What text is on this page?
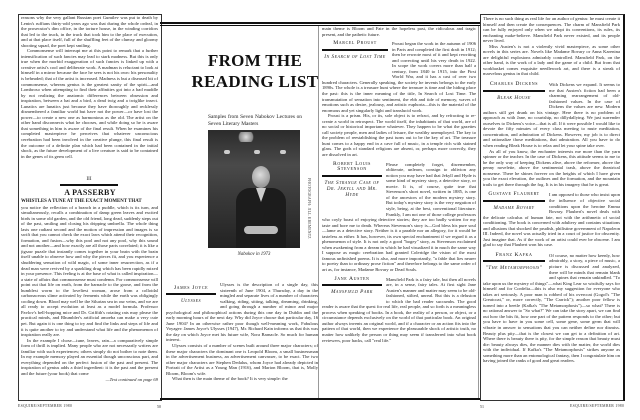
reasons why the very gallant Russian poet Gumilev was put to death by Lenin's ruffians thirty-odd years ago was that during the whole ordeal, in the prosecutor's dim office, in the torture house, in the winding corridors that led to the truck, in the truck that took him to the place of execution, and at that place itself, full of the shuffling feet of the clumsy and gloomy shooting squad, the poet kept smiling.

Commonsense will interrupt me at this point to remark that a further intensification of such fancies may lead to stark madness. But this is only true when the morbid exaggeration of such fancies is linked up with a creative artist's cool and deliberate work. A madman is reluctant to look at himself in a mirror because the face he sees is not his own: his personality is beheaded; that of the artist is increased. Madness is but a diseased bit of commonsense, whereas genius is the greatest sanity of the spirit—and Lombroso when attempting to find their affinities got into a bad muddle by not realizing the anatomic differences between obsession and inspiration, between a bat and a bird, a dead twig and a twiglike insect. Lunatics are lunatics just because they have thoroughly and recklessly dismembered a familiar world but have not the power—or have lost the power—to create a new one as harmonious as the old. The artist on the other hand disconnects what he chooses, and while doing so he is aware that something in him is aware of the final result. When he examines his completed masterpiece he perceives that whatever unconscious cerebration had been involved in the creative plunge, this final result is the outcome of a definite plan which had been contained in the initial shock, as the future development of a live creature is said to be contained in the genes of its germ cell.

III
A PASSERBY

WHISTLES A TUNE AT THE EXACT MOMENT THAT

you notice the reflection of a branch in a puddle, which is its turn, and simultaneously, recalls a combination of damp green leaves and excited birds in some old garden, and the old friend, long dead, suddenly steps out of the past, smiling and closing his dripping umbrella. The whole thing lasts one radiant second and the motion of impression and images is so swift that you cannot check the exact laws which attend their recognition, formation, and fusion—why this pool and not any pool, why this sound and not another—and how exactly are all those parts correlated; it is like a jigsaw puzzle that instantly comes together in your brain with the brain itself unable to observe how and why the pieces fit, and you experience a shuddering sensation of wild magic, of some inner resurrection, as if a dead man were revived by a sparkling drug which has been rapidly mixed in your presence. This feeling is at the base of what is called inspiration—a state of affairs that commonsense must condemn. For commonsense will point out that life on earth, from the barnacle to the goose, and from the humblest worm to the loveliest woman, arose from a colloidal carbonaceous slime activated by ferments while the earth was obligingly cooling down. Blood may well be the Silurian sea in our veins, and we are all ready to accept evolution at least as a model formula. Professor Pavlov's bell-hopping mice and Dr. Griffith's rotating rats may please the practical minds, and Rhumbler's artificial amoeba can make a very cute pet. But again it is one thing to try and find the links and steps of life and it is quite another to try and understand what life and the phenomenon of inspiration really are.

In the example I chose—tune, leaves, rain—a comparatively simple form of thrill is implied. Many people who are not necessarily writers are familiar with such experiences; others simply do not bother to note them. In my example memory played an essential though unconscious part, and everything depended on the perfect fusion of the past and present. The inspiration of genius adds a third ingredient: it is the past and the present and the future (your book) that come

—Text continued on page 69

FROM THE READING LIST
Samples from Seven Nabokov Lectures on Seven Literary Masters
PHOTOGRAPH: JILL KREMENTZ
Nabokov in 1973
James Joyce
Ulysses

Ulysses is the description of a single day, this sixteenth of June 1904, a Thursday, a day in the mingled and separate lives of a number of characters walking, riding, sitting, talking, dreaming, drinking, and going through a number of minor and major psychological and philosophical actions during this one day in Dublin and the early morning hours of the next day. Why did Joyce choose that particular day, 16 June 1904? In an otherwise rather poor though well-meaning work, Fabulous Voyager: James Joyce's Ulysses (1947), Mr. Richard Kain informs us that this was the day on which Joyce met his future wife, Nora Barnacle. So much for human interest.

Ulysses consists of a number of scenes built around three major characters; of these major characters the dominant one is Leopold Bloom, a small businessman in the advertisement business, an advertisement canvasser, to be exact. The two other major characters are Stephen Dedalus, whom Joyce had already depicted in Portrait of the Artist as a Young Man (1916), and Marion Bloom, that is, Molly Bloom, Bloom's wife.

What then is the main theme of the book? It is very simple: the

ESQUIRE/SEPTEMBER 1980	50

main theme is Bloom and Fate in the hopeless past, the ridiculous and tragic present, and the pathetic future.

Marcel Proust
In Search of Lost Time

Proust began the work in the autumn of 1906 in Paris and completed the first draft in 1912; then he rewrote most of it and kept rewriting and correcting until his very death in 1922. In scope the work covers more than half a century, from 1840 to 1915, into the First World War, and it has a cast of over two hundred characters. Generally speaking, the society he invents belongs to the early 1890s. The whole is a treasure hunt where the treasure is time and the hiding place the past: this is the inner meaning of the title, In Search of Lost Time. The transmutation of sensation into sentiment, the ebb and tide of memory, waves of emotions such as desire, jealousy, and artistic euphoria—this is the material of the enormous and yet singularly light and translucid work.

Proust is a prism. His, or its, sole object is to refract, and by refracting to re-create a world in retrospect. The world itself, the inhabitants of that world, are of no social or historical importance whatever. They happen to be what the gazettes call society people, men and ladies of leisure, the wealthy unemployed. The key to the problem of reestablishing the past turns out to be the key of art. The treasure hunt comes to a happy end in a cave full of music, in a temple rich with stained glass. The gods of standard religions are absent, or, perhaps more correctly, they are dissolved in art.

Robert Louis Stevenson
The Strange Case of Dr. Jekyll and Mr. Hyde

Please completely forget, disremember, obliterate, unlearn, consign to oblivion any notion you may have had that Jekyll and Hyde is some kind of mystery story, a detective story, or movie. It is, of course, quite true that Stevenson's short novel, written in 1885, is one of the ancestors of the modern mystery story. But today's mystery story is the very negation of style, being, at the best, conventional literature. Frankly, I am not one of those college professors who coyly boast of enjoying detective stories; they are too badly written for my taste and bore me to death. Whereas Stevenson's story is—God bless his pure soul—lame as a detective story. Neither is it a parable nor an allegory, for it would be tasteless as either. It has, however, its own special enchantment if we regard it as a phenomenon of style. It is not only a good "bogey" story, as Stevenson exclaimed when awakening from a dream in which he had visualized it in much the same way I suppose as magic cerebration had granted Coleridge the vision of the most famous unfinished poems. It is also, and more importantly, "a fable that lies nearer to poetry than to ordinary prose fiction" and therefore belongs to the same order of art as, for instance, Madame Bovary or Dead Souls.

Jane Austen
Mansfield Park

Mansfield Park is a fairy tale, but then all novels are, in a sense, fairy tales. At first sight Jane Austen's manner and matter may seem to be old-fashioned, stilted, unreal. But this is a delusion to which the bad reader succumbs. The good reader is aware that the quest for real life, real people, and so forth is a meaningless process when speaking of books. In a book, the reality of a person, or object, or a circumstance depends exclusively on the world of that particular book. An original author always invents an original world, and if a character or an action fits into the pattern of that world, then we experience the pleasurable shock of artistic truth, no matter how unlikely the person or thing may seem if transferred into what book reviewers, poor hacks, call "real life."

There is no such thing as real life for an author of genius: he must create it himself and then create the consequences. The charm of Mansfield Park can be fully enjoyed only when we adopt its conventions, its rules, its enchanting make-believe. Mansfield Park never existed, and its people never lived.

Miss Austen's is not a violently vivid masterpiece, as some other novels in this series are. Novels like Madame Bovary or Anna Karenina are delightful explosions admirably controlled. Mansfield Park, on the other hand, is the work of a lady and the game of a child. But from that workbasket comes exquisite needlework art, and there is a streak of marvelous genius in that child.

Charles Dickens
Bleak House

With Dickens we expand. It seems to me that Austen's fiction had been a charming rearrangement of old-fashioned values. In the case of Dickens the values are new. Modern authors still get drunk on his vintage. Here there is no problem of approach as with Jane, no courtship, no dillydallying. We just surrender ourselves to Dickens's voice—that is all. If it were possible I would like to devote the fifty minutes of every class meeting to mute meditation, concentration, and admiration of Dickens. However, my job is to direct and rationalize those meditations, that admiration. All you have to do when reading Bleak House is to relax and let your spine take over.

As all of you know, the enchanter interests me more than the yarn spinner or the teacher. In the case of Dickens, this attitude seems to me to be the only way of keeping Dickens alive, above the reformer, above the penny novelette, above the sentimental trash, above the theatrical nonsense. There he shines forever on the heights of which I have given you the exact elevation, the outlines and the formation, and the mountain trails to get there through the fog. It is in his imagery that he is great.

Gustave Flaubert
Madame Bovary

I am opposed to those who insist upon the influence of objective social conditions upon the heroine Emma Bovary. Flaubert's novel deals with the delicate calculus of human fate, not with the arithmetic of social conditioning. The book is concerned with adultery and contains situations and allusions that shocked the prudish, philistine government of Napoleon III. Indeed, the novel was actually tried in a court of justice for obscenity. Just imagine that. As if the work of an artist could ever be obscene. I am glad to say that Flaubert won his case.

Franz Kafka
"The Metamorphosis"

Of course, no matter how keenly, how admirably, a story, a piece of music, a picture is discussed and analyzed, there will be minds that remain blank and spines that remain unkindled. "To take upon us the mystery of things"—what King Lear so wistfully says for himself and for Cordelia—this is also my suggestion for everyone who takes art seriously. A poor man is robbed of his overcoat (Gogol's "The Greatcoat," or, more correctly, "The Carrick"); another poor fellow is turned into a beetle (Kafka's "The Metamorphosis")—so what? There is no rational answer to "So what?" We can take the story apart, we can find out how the bits fit, how one part of the pattern responds to the other; but you have to have in you some cell, some gene, some germ that will vibrate in answer to sensations that you can neither define nor dismiss. Beauty plus pity—that is the closest we can get to a definition of art. Where there is beauty there is pity, for the simple reason that beauty must die: beauty always dies, the manner dies with the matter, the world dies with the individual. If Kafka's "The Metamorphosis" strikes anyone as something more than an entomological fantasy, then I congratulate him on having joined the ranks of good and great readers.

51	ESQUIRE/SEPTEMBER 1980
